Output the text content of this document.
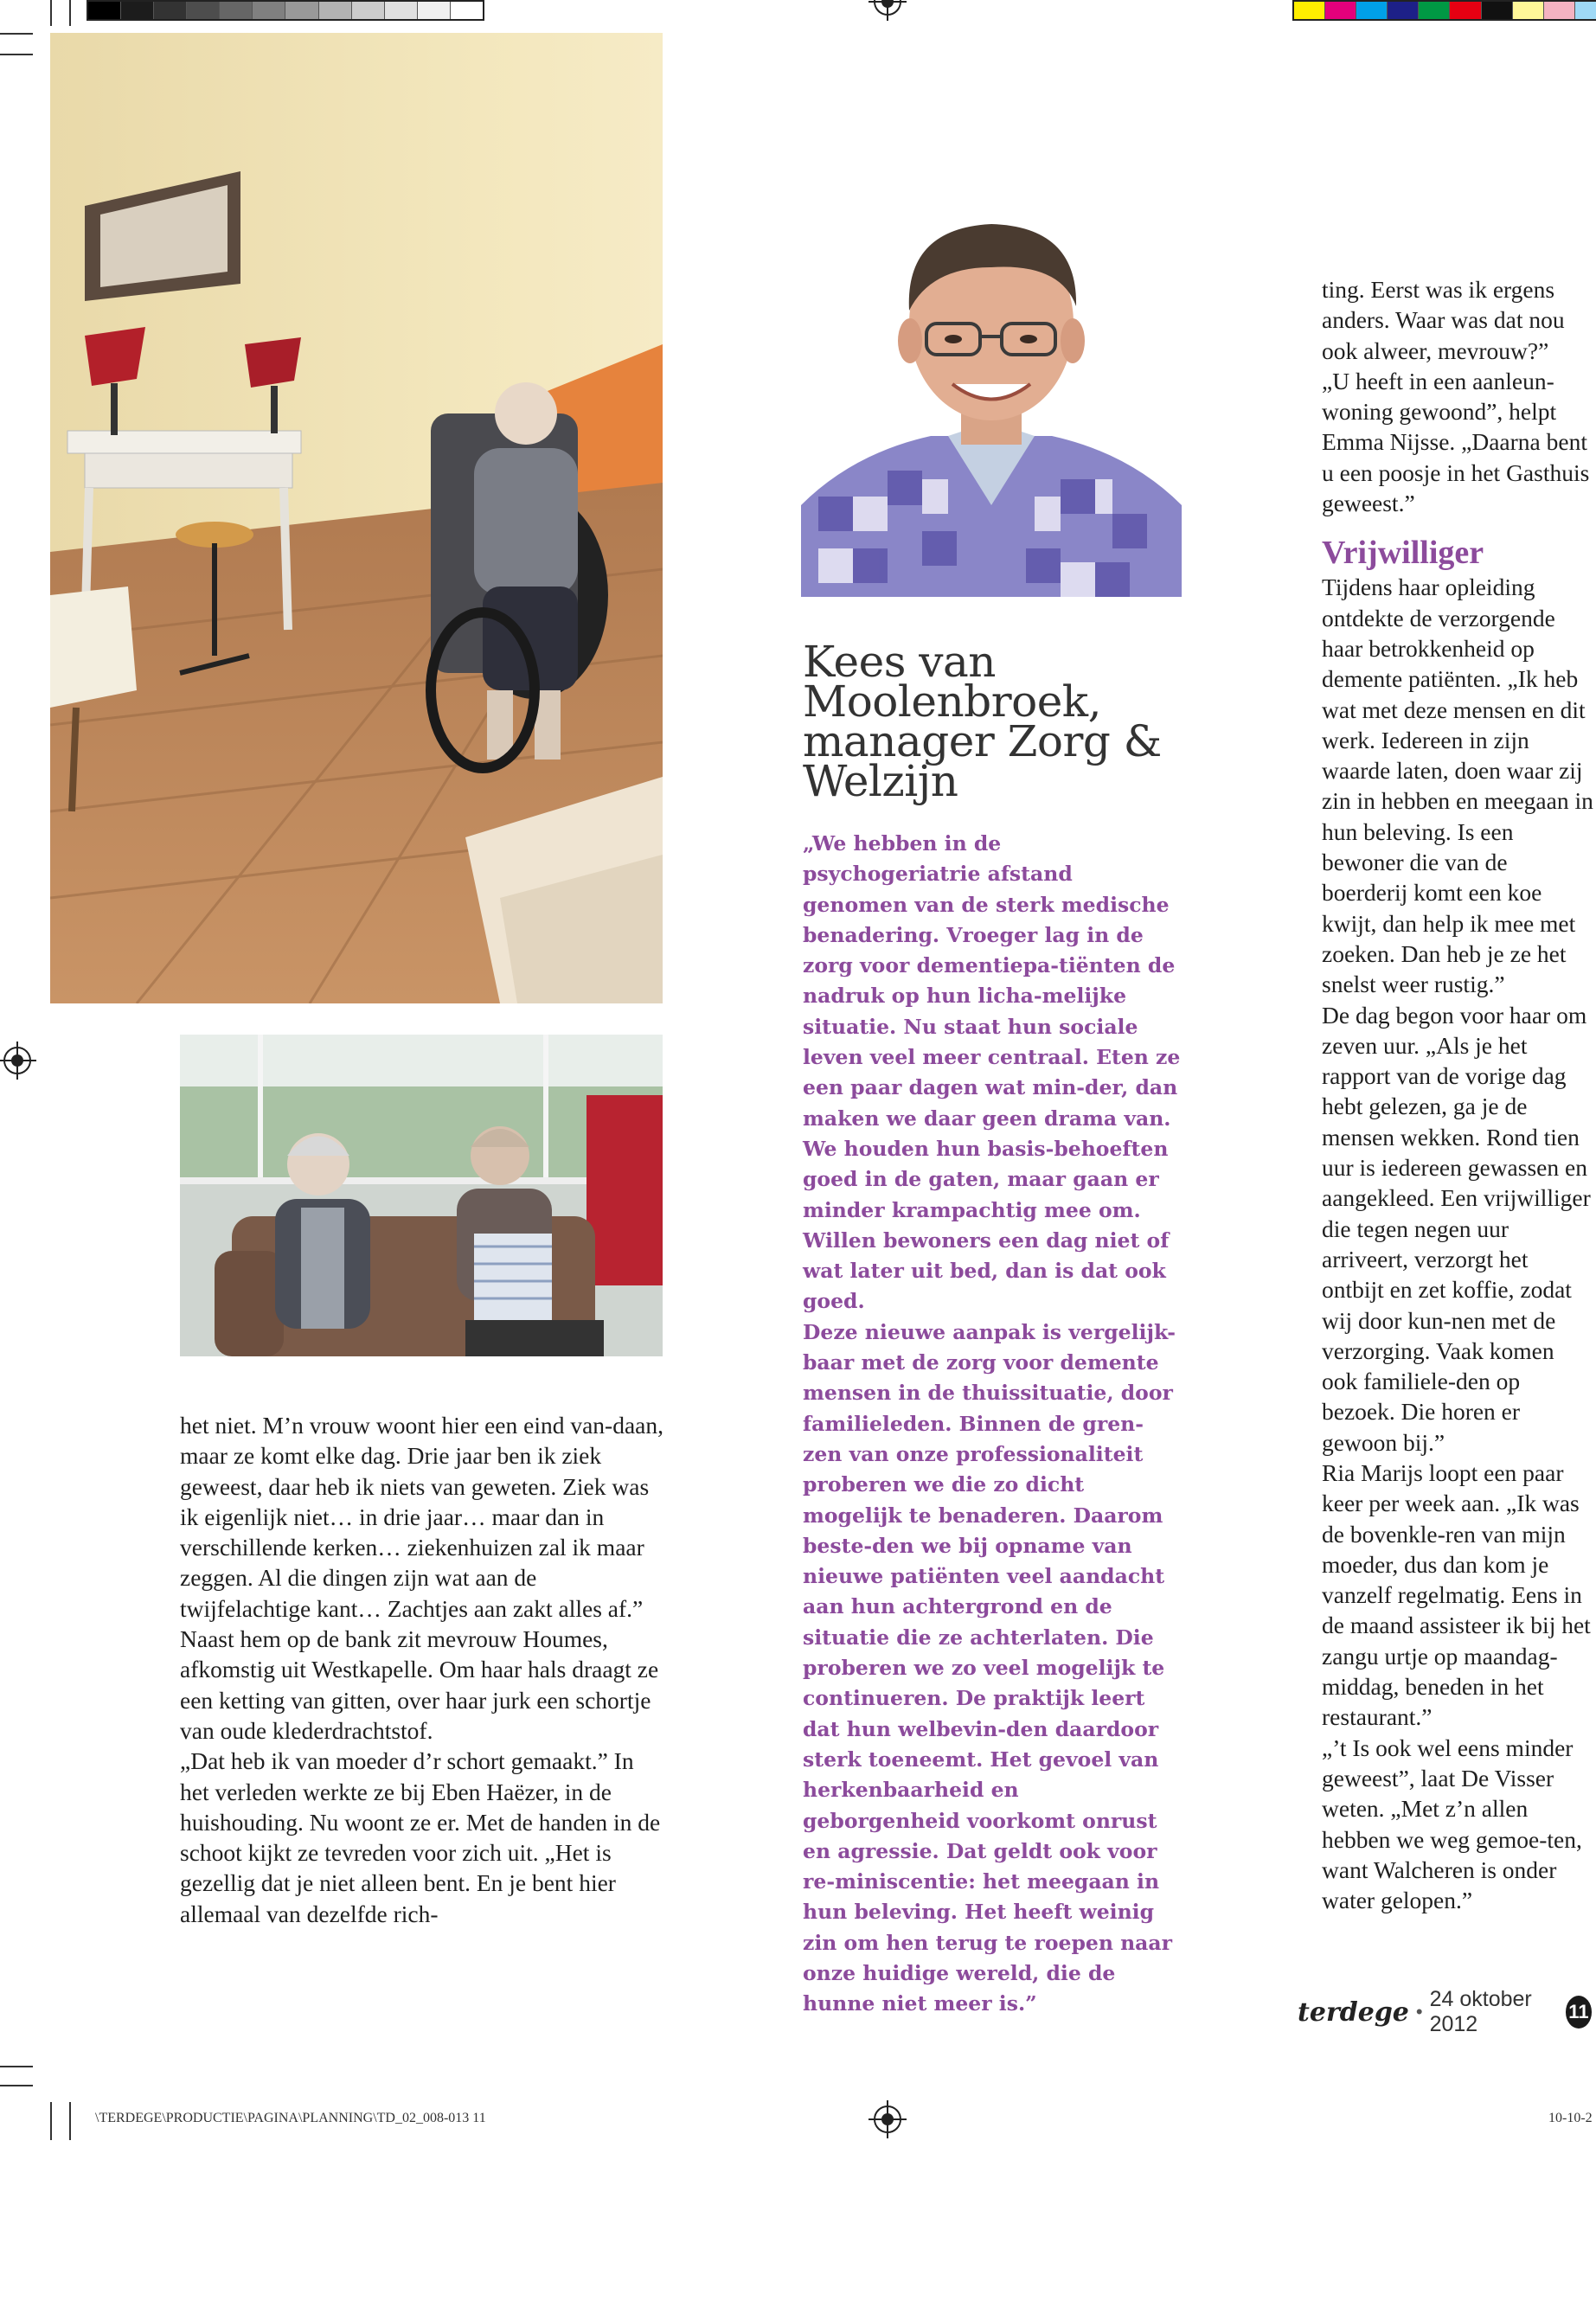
Kees van Moolenbroek, manager Zorg & Welzijn

„We hebben in de psychogeriatrie afstand genomen van de sterk medische benadering. Vroeger lag in de zorg voor dementiepa-tiënten de nadruk op hun licha-melijke situatie. Nu staat hun sociale leven veel meer centraal. Eten ze een paar dagen wat min-der, dan maken we daar geen drama van. We houden hun basis-behoeften goed in de gaten, maar gaan er minder krampachtig mee om. Willen bewoners een dag niet of wat later uit bed, dan is dat ook goed.

Deze nieuwe aanpak is vergelijk-baar met de zorg voor demente mensen in de thuissituatie, door familieleden. Binnen de gren-zen van onze professionaliteit proberen we die zo dicht mogelijk te benaderen. Daarom beste-den we bij opname van nieuwe patiënten veel aandacht aan hun achtergrond en de situatie die ze achterlaten. Die proberen we zo veel mogelijk te continueren. De praktijk leert dat hun welbevin-den daardoor sterk toeneemt. Het gevoel van herkenbaarheid en geborgenheid voorkomt onrust en agressie. Dat geldt ook voor re-miniscentie: het meegaan in hun beleving. Het heeft weinig zin om hen terug te roepen naar onze huidige wereld, die de hunne niet meer is.”

het niet. M’n vrouw woont hier een eind van-daan, maar ze komt elke dag. Drie jaar ben ik ziek geweest, daar heb ik niets van geweten. Ziek was ik eigenlijk niet… in drie jaar… maar dan in verschillende kerken… ziekenhuizen zal ik maar zeggen. Al die dingen zijn wat aan de twijfelachtige kant… Zachtjes aan zakt alles af.”

Naast hem op de bank zit mevrouw Houmes, afkomstig uit Westkapelle. Om haar hals draagt ze een ketting van gitten, over haar jurk een schortje van oude klederdrachtstof.

„Dat heb ik van moeder d’r schort gemaakt.” In het verleden werkte ze bij Eben Haëzer, in de huishouding. Nu woont ze er. Met de handen in de schoot kijkt ze tevreden voor zich uit. „Het is gezellig dat je niet alleen bent. En je bent hier allemaal van dezelfde rich-

ting. Eerst was ik ergens anders. Waar was dat nou ook alweer, mevrouw?”

„U heeft in een aanleun-woning gewoond”, helpt Emma Nijsse. „Daarna bent u een poosje in het Gasthuis geweest.”

Vrijwilliger

Tijdens haar opleiding ontdekte de verzorgende haar betrokkenheid op demente patiënten. „Ik heb wat met deze mensen en dit werk. Iedereen in zijn waarde laten, doen waar zij zin in hebben en meegaan in hun beleving. Is een bewoner die van de boerderij komt een koe kwijt, dan help ik mee met zoeken. Dan heb je ze het snelst weer rustig.”

De dag begon voor haar om zeven uur. „Als je het rapport van de vorige dag hebt gelezen, ga je de mensen wekken. Rond tien uur is iedereen gewassen en aangekleed. Een vrijwilliger die tegen negen uur arriveert, verzorgt het ontbijt en zet koffie, zodat wij door kun-nen met de verzorging. Vaak komen ook familiele-den op bezoek. Die horen er gewoon bij.”

Ria Marijs loopt een paar keer per week aan. „Ik was de bovenkle-ren van mijn moeder, dus dan kom je vanzelf regelmatig. Eens in de maand assisteer ik bij het zangu urtje op maandag-middag, beneden in het restaurant.”

„’t Is ook wel eens minder geweest”, laat De Visser weten. „Met z’n allen hebben we weg gemoe-ten, want Walcheren is onder water gelopen.”

terdege •
24 oktober 2012
11
\TERDEGE\PRODUCTIE\PAGINA\PLANNING\TD_02_008-013 11	10-10-2
